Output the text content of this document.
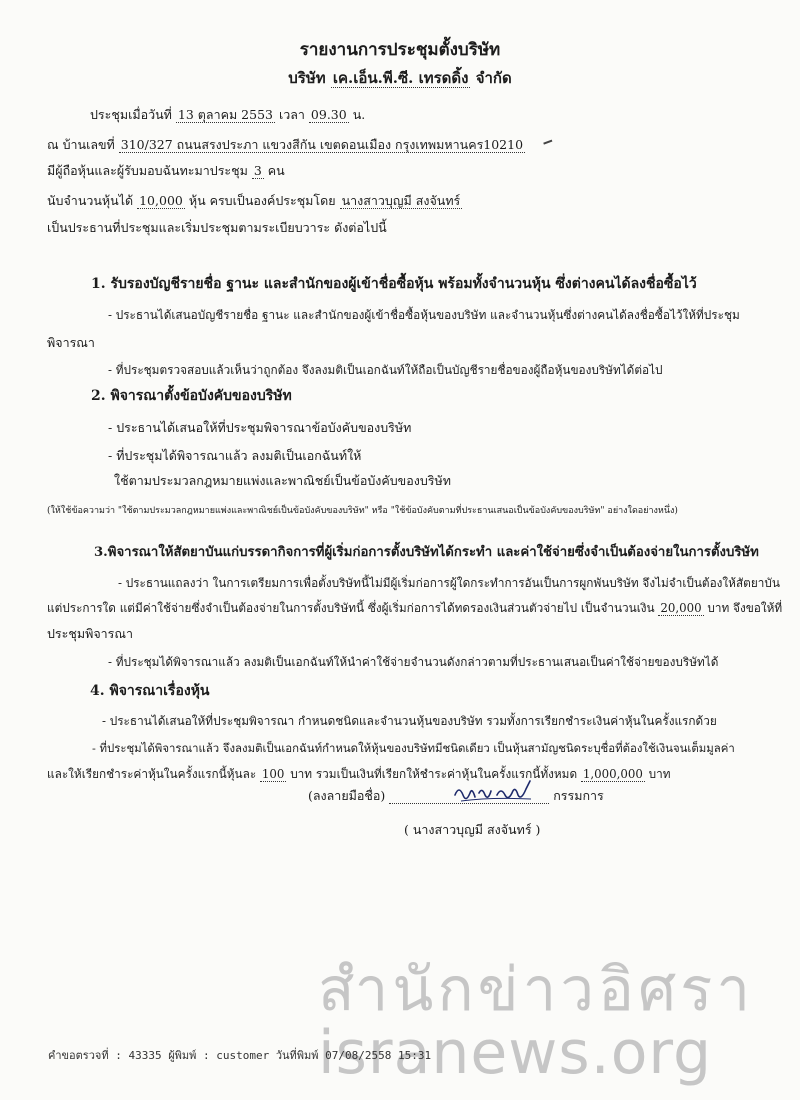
รายงานการประชุมตั้งบริษัท
บริษัท เค.เอ็น.พี.ซี. เทรดดิ้ง จำกัด
ประชุมเมื่อวันที่ 13 ตุลาคม 2553 เวลา 09.30 น.
ณ บ้านเลขที่ 310/327 ถนนสรงประภา แขวงสีกัน เขตดอนเมือง กรุงเทพมหานคร10210
มีผู้ถือหุ้นและผู้รับมอบฉันทะมาประชุม 3 คน
นับจำนวนหุ้นได้ 10,000 หุ้น ครบเป็นองค์ประชุมโดย นางสาวบุญมี สงจันทร์
เป็นประธานที่ประชุมและเริ่มประชุมตามระเบียบวาระ ดังต่อไปนี้
1. รับรองบัญชีรายชื่อ ฐานะ และสำนักของผู้เข้าชื่อซื้อหุ้น พร้อมทั้งจำนวนหุ้น ซึ่งต่างคนได้ลงชื่อซื้อไว้
- ประธานได้เสนอบัญชีรายชื่อ ฐานะ และสำนักของผู้เข้าชื่อซื้อหุ้นของบริษัท และจำนวนหุ้นซึ่งต่างคนได้ลงชื่อซื้อไว้ให้ที่ประชุม
พิจารณา
- ที่ประชุมตรวจสอบแล้วเห็นว่าถูกต้อง จึงลงมติเป็นเอกฉันท์ให้ถือเป็นบัญชีรายชื่อของผู้ถือหุ้นของบริษัทได้ต่อไป
2. พิจารณาตั้งข้อบังคับของบริษัท
- ประธานได้เสนอให้ที่ประชุมพิจารณาข้อบังคับของบริษัท
- ที่ประชุมได้พิจารณาแล้ว ลงมติเป็นเอกฉันท์ให้
ใช้ตามประมวลกฎหมายแพ่งและพาณิชย์เป็นข้อบังคับของบริษัท
(ให้ใช้ข้อความว่า "ใช้ตามประมวลกฎหมายแพ่งและพาณิชย์เป็นข้อบังคับของบริษัท" หรือ "ใช้ข้อบังคับตามที่ประธานเสนอเป็นข้อบังคับของบริษัท" อย่างใดอย่างหนึ่ง)
3.พิจารณาให้สัตยาบันแก่บรรดากิจการที่ผู้เริ่มก่อการตั้งบริษัทได้กระทำ และค่าใช้จ่ายซึ่งจำเป็นต้องจ่ายในการตั้งบริษัท
- ประธานแถลงว่า ในการเตรียมการเพื่อตั้งบริษัทนี้ไม่มีผู้เริ่มก่อการผู้ใดกระทำการอันเป็นการผูกพันบริษัท จึงไม่จำเป็นต้องให้สัตยาบัน
แต่ประการใด แต่มีค่าใช้จ่ายซึ่งจำเป็นต้องจ่ายในการตั้งบริษัทนี้ ซึ่งผู้เริ่มก่อการได้ทดรองเงินส่วนตัวจ่ายไป เป็นจำนวนเงิน 20,000 บาท จึงขอให้ที่
ประชุมพิจารณา
- ที่ประชุมได้พิจารณาแล้ว ลงมติเป็นเอกฉันท์ให้นำค่าใช้จ่ายจำนวนดังกล่าวตามที่ประธานเสนอเป็นค่าใช้จ่ายของบริษัทได้
4. พิจารณาเรื่องหุ้น
- ประธานได้เสนอให้ที่ประชุมพิจารณา กำหนดชนิดและจำนวนหุ้นของบริษัท รวมทั้งการเรียกชำระเงินค่าหุ้นในครั้งแรกด้วย
- ที่ประชุมได้พิจารณาแล้ว จึงลงมติเป็นเอกฉันท์กำหนดให้หุ้นของบริษัทมีชนิดเดียว เป็นหุ้นสามัญชนิดระบุชื่อที่ต้องใช้เงินจนเต็มมูลค่า
และให้เรียกชำระค่าหุ้นในครั้งแรกนี้หุ้นละ 100 บาท รวมเป็นเงินที่เรียกให้ชำระค่าหุ้นในครั้งแรกนี้ทั้งหมด 1,000,000 บาท
(ลงลายมือชื่อ)	กรรมการ
( นางสาวบุญมี สงจันทร์ )
สำนักข่าวอิศรา
isranews.org
คำขอตรวจที่ : 43335 ผู้พิมพ์ : customer วันที่พิมพ์ 07/08/2558 15:31
